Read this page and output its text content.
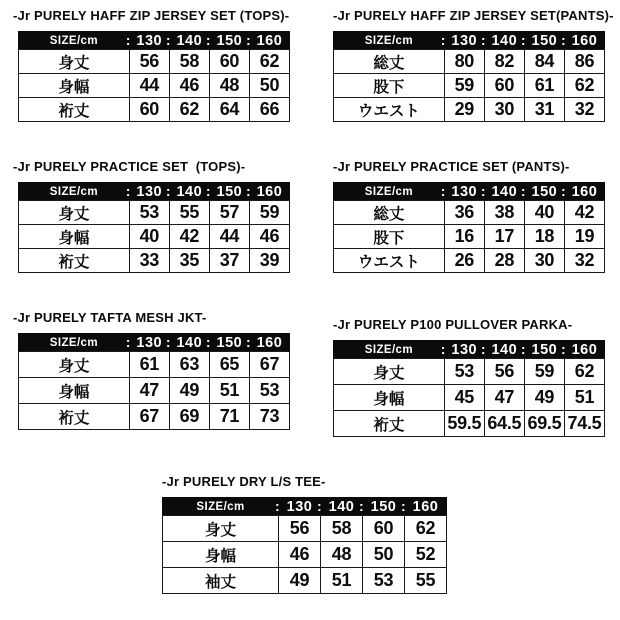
-Jr PURELY HAFF ZIP JERSEY SET (TOPS)-
SIZE/cm	: 130	: 140	: 150	: 160
身丈	56	58	60	62
身幅	44	46	48	50
裄丈	60	62	64	66
-Jr PURELY HAFF ZIP JERSEY SET(PANTS)-
SIZE/cm	: 130	: 140	: 150	: 160
総丈	80	82	84	86
股下	59	60	61	62
ウエスト	29	30	31	32
-Jr PURELY PRACTICE SET  (TOPS)-
SIZE/cm	: 130	: 140	: 150	: 160
身丈	53	55	57	59
身幅	40	42	44	46
裄丈	33	35	37	39
-Jr PURELY PRACTICE SET (PANTS)-
SIZE/cm	: 130	: 140	: 150	: 160
総丈	36	38	40	42
股下	16	17	18	19
ウエスト	26	28	30	32
-Jr PURELY TAFTA MESH JKT-
SIZE/cm	: 130	: 140	: 150	: 160
身丈	61	63	65	67
身幅	47	49	51	53
裄丈	67	69	71	73
-Jr PURELY P100 PULLOVER PARKA-
SIZE/cm	: 130	: 140	: 150	: 160
身丈	53	56	59	62
身幅	45	47	49	51
裄丈	59.5	64.5	69.5	74.5
-Jr PURELY DRY L/S TEE-
SIZE/cm	: 130	: 140	: 150	: 160
身丈	56	58	60	62
身幅	46	48	50	52
袖丈	49	51	53	55
